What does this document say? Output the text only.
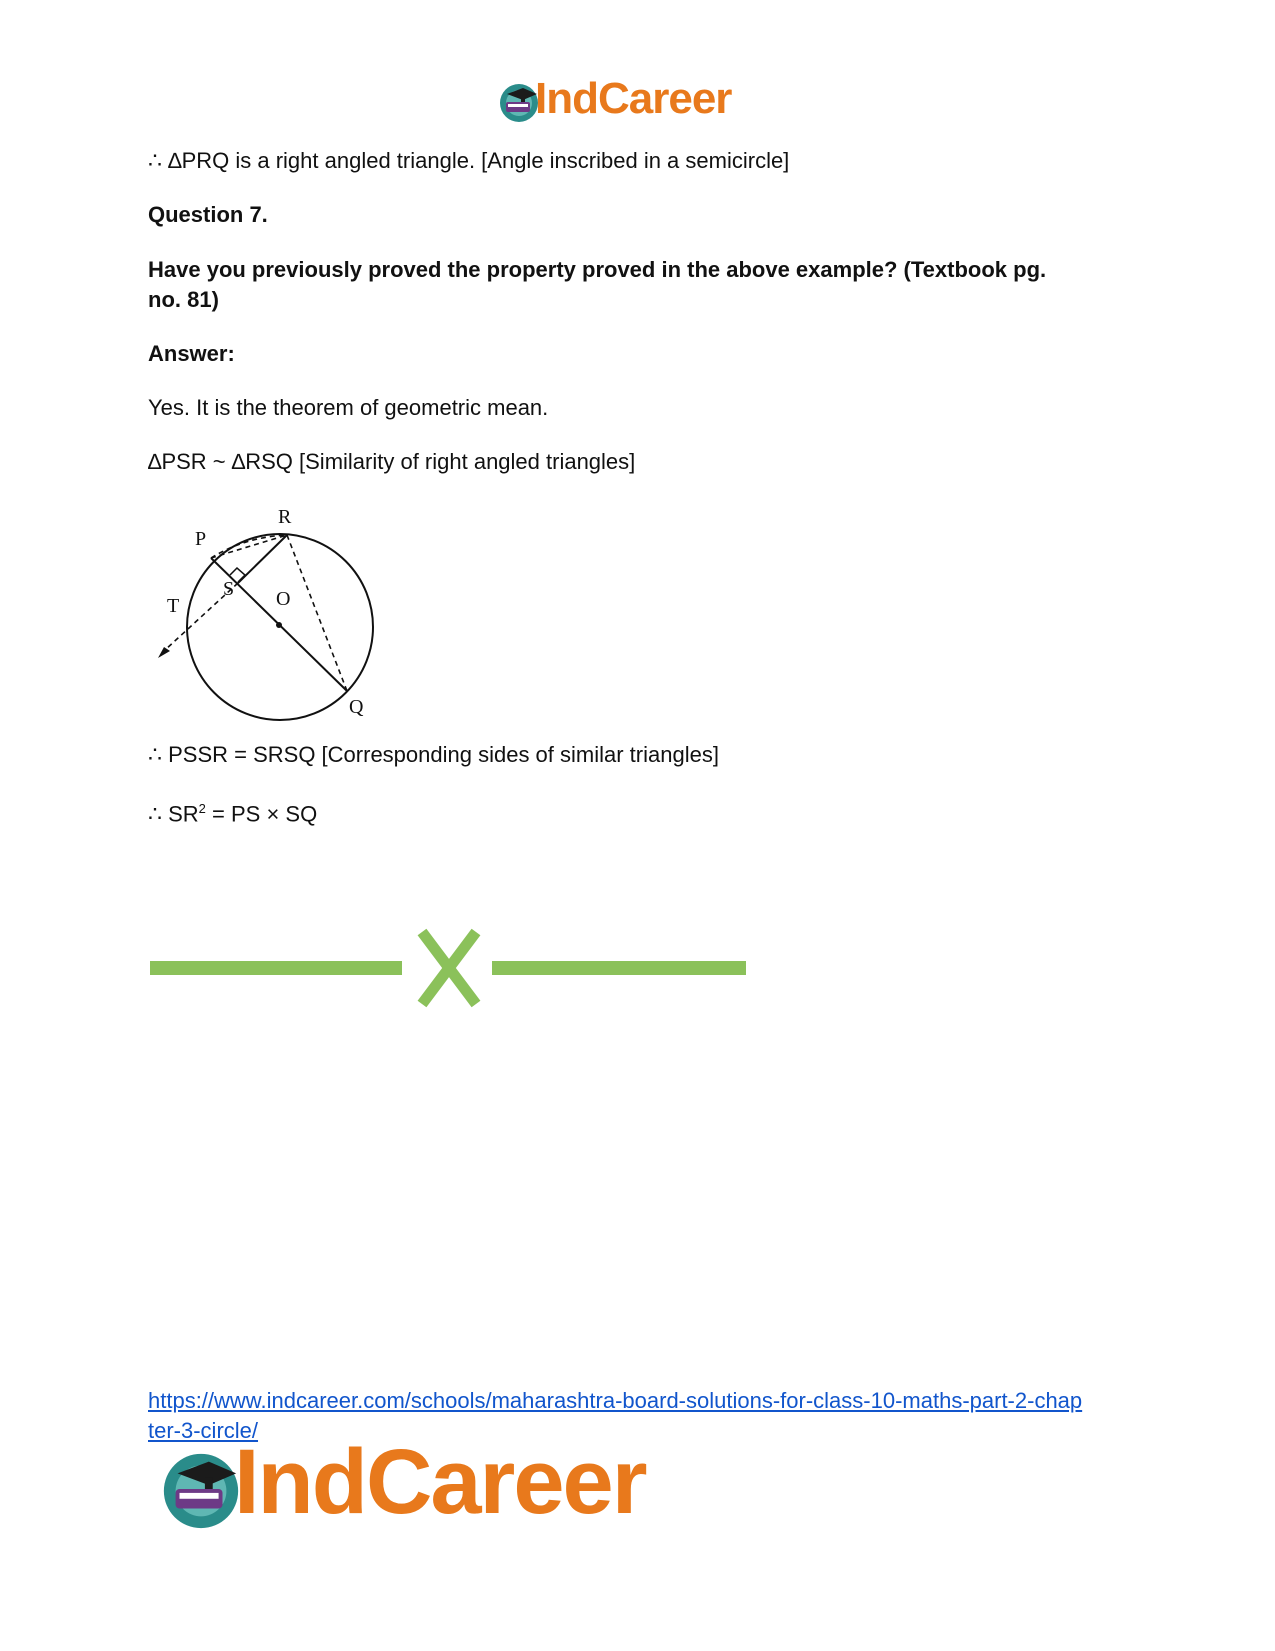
IndCareer
∴ ∆PRQ is a right angled triangle. [Angle inscribed in a semicircle]
Question 7.
Have you previously proved the property proved in the above example? (Textbook pg.
no. 81)
Answer:
Yes. It is the theorem of geometric mean.
∆PSR ~ ∆RSQ [Similarity of right angled triangles]
P
R
S O
T
Q
∴ PSSR = SRSQ [Corresponding sides of similar triangles]
∴ $SR^2$ = PS × SQ
https://www.indcareer.com/schools/maharashtra-board-solutions-for-class-10-maths-part-2-chap
ter-3-circle/
IndCareer
